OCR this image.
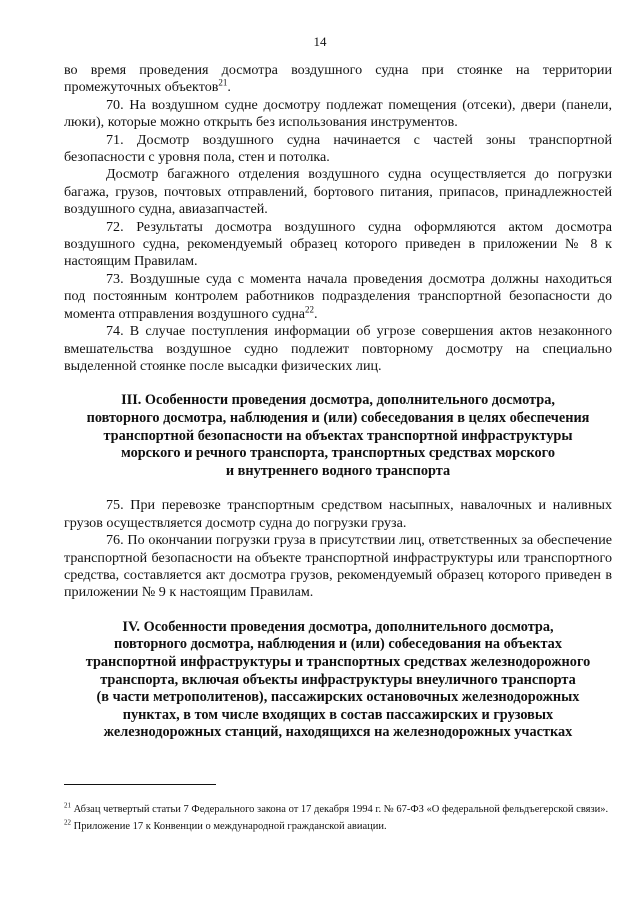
14

во время проведения досмотра воздушного судна при стоянке на территории промежуточных объектов$^{21}$.

70. На воздушном судне досмотру подлежат помещения (отсеки), двери (панели, люки), которые можно открыть без использования инструментов.

71. Досмотр воздушного судна начинается с частей зоны транспортной безопасности с уровня пола, стен и потолка.

Досмотр багажного отделения воздушного судна осуществляется до погрузки багажа, грузов, почтовых отправлений, бортового питания, припасов, принадлежностей воздушного судна, авиазапчастей.

72. Результаты досмотра воздушного судна оформляются актом досмотра воздушного судна, рекомендуемый образец которого приведен в приложении № 8 к настоящим Правилам.

73. Воздушные суда с момента начала проведения досмотра должны находиться под постоянным контролем работников подразделения транспортной безопасности до момента отправления воздушного судна$^{22}$.

74. В случае поступления информации об угрозе совершения актов незаконного вмешательства воздушное судно подлежит повторному досмотру на специально выделенной стоянке после высадки физических лиц.

III. Особенности проведения досмотра, дополнительного досмотра,
повторного досмотра, наблюдения и (или) собеседования в целях обеспечения
транспортной безопасности на объектах транспортной инфраструктуры
морского и речного транспорта, транспортных средствах морского
и внутреннего водного транспорта

75. При перевозке транспортным средством насыпных, навалочных и наливных грузов осуществляется досмотр судна до погрузки груза.

76. По окончании погрузки груза в присутствии лиц, ответственных за обеспечение транспортной безопасности на объекте транспортной инфраструктуры или транспортного средства, составляется акт досмотра грузов, рекомендуемый образец которого приведен в приложении № 9 к настоящим Правилам.

IV. Особенности проведения досмотра, дополнительного досмотра,
повторного досмотра, наблюдения и (или) собеседования на объектах
транспортной инфраструктуры и транспортных средствах железнодорожного
транспорта, включая объекты инфраструктуры внеуличного транспорта
(в части метрополитенов), пассажирских остановочных железнодорожных
пунктах, в том числе входящих в состав пассажирских и грузовых
железнодорожных станций, находящихся на железнодорожных участках

$^{21}$ Абзац четвертый статьи 7 Федерального закона от 17 декабря 1994 г. № 67-ФЗ «О федеральной фельдъегерской связи».

$^{22}$ Приложение 17 к Конвенции о международной гражданской авиации.
